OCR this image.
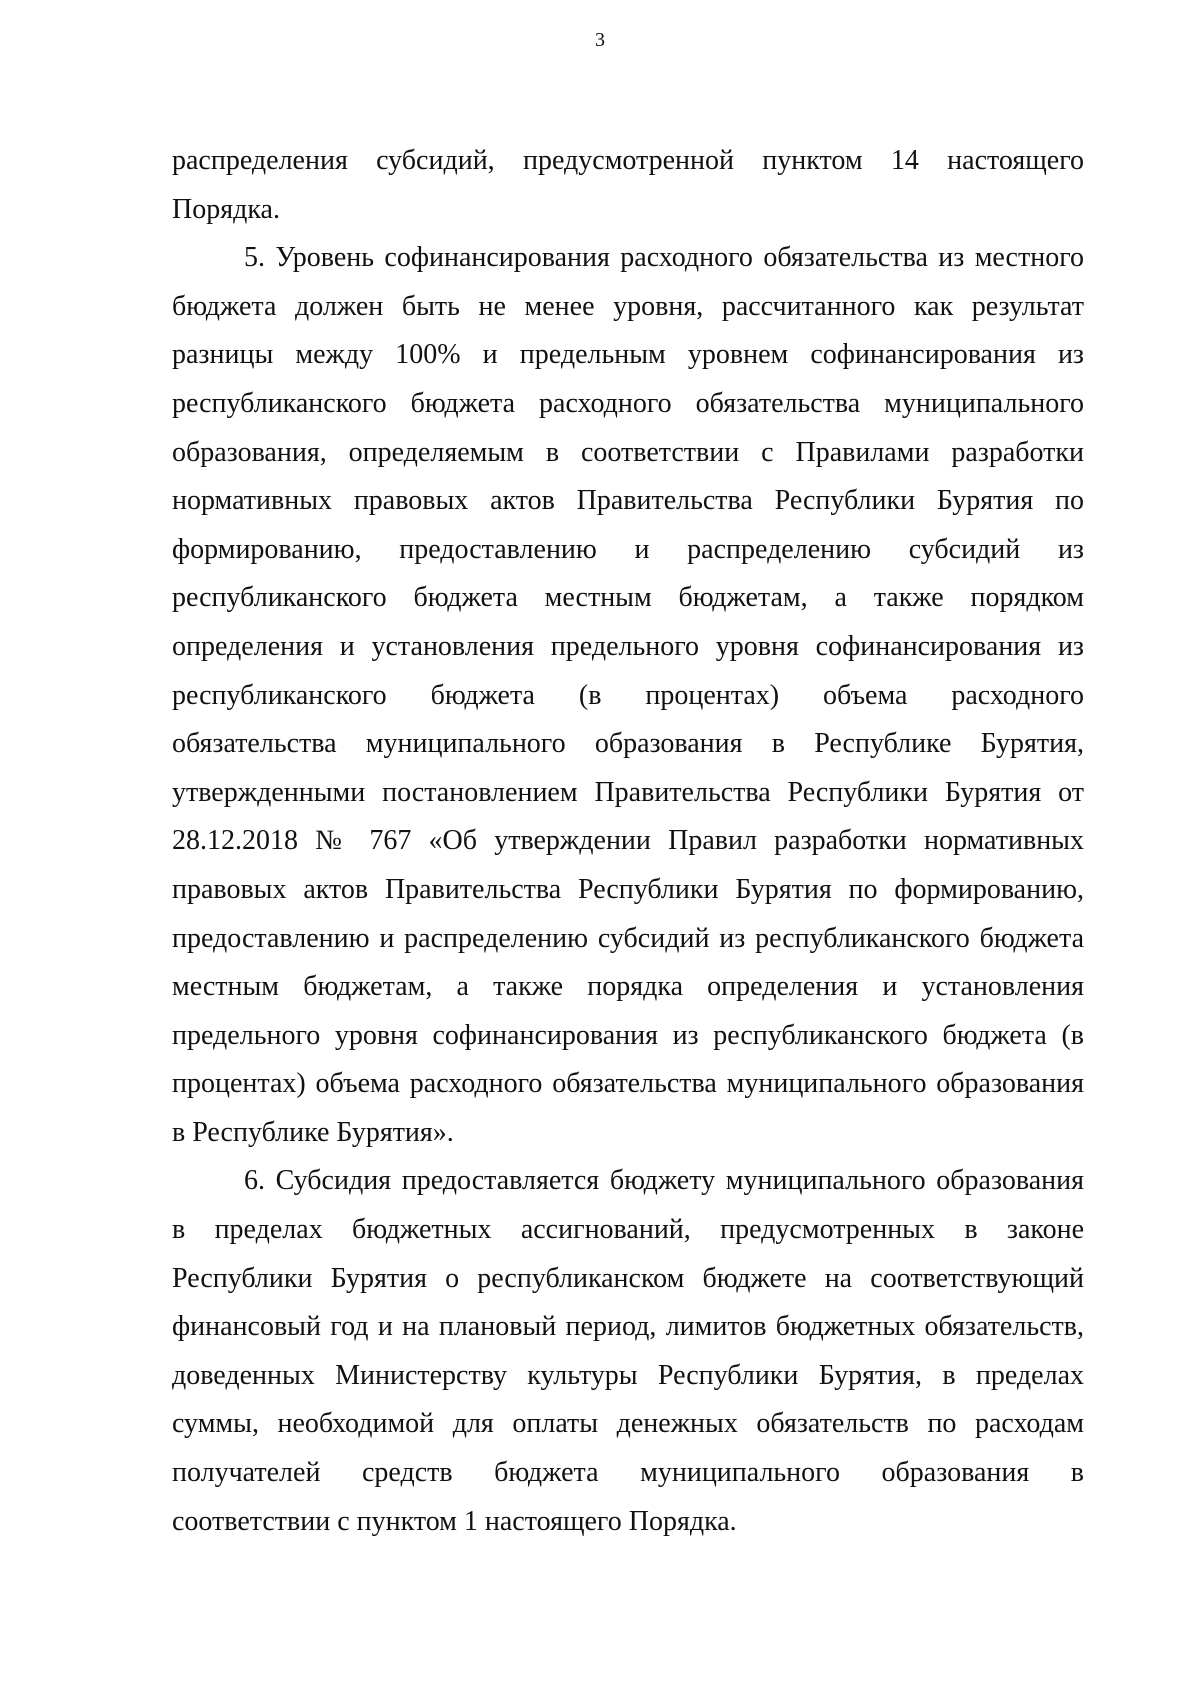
3
распределения субсидий, предусмотренной пунктом 14 настоящего
Порядка.
5. Уровень софинансирования расходного обязательства из местного
бюджета должен быть не менее уровня, рассчитанного как результат
разницы между 100% и предельным уровнем софинансирования из
республиканского бюджета расходного обязательства муниципального
образования, определяемым в соответствии с Правилами разработки
нормативных правовых актов Правительства Республики Бурятия по
формированию, предоставлению и распределению субсидий из
республиканского бюджета местным бюджетам, а также порядком
определения и установления предельного уровня софинансирования из
республиканского бюджета (в процентах) объема расходного
обязательства муниципального образования в Республике Бурятия,
утвержденными постановлением Правительства Республики Бурятия от
28.12.2018 № 767 «Об утверждении Правил разработки нормативных
правовых актов Правительства Республики Бурятия по формированию,
предоставлению и распределению субсидий из республиканского бюджета
местным бюджетам, а также порядка определения и установления
предельного уровня софинансирования из республиканского бюджета (в
процентах) объема расходного обязательства муниципального образования
в Республике Бурятия».
6. Субсидия предоставляется бюджету муниципального образования
в пределах бюджетных ассигнований, предусмотренных в законе
Республики Бурятия о республиканском бюджете на соответствующий
финансовый год и на плановый период, лимитов бюджетных обязательств,
доведенных Министерству культуры Республики Бурятия, в пределах
суммы, необходимой для оплаты денежных обязательств по расходам
получателей средств бюджета муниципального образования в
соответствии с пунктом 1 настоящего Порядка.
